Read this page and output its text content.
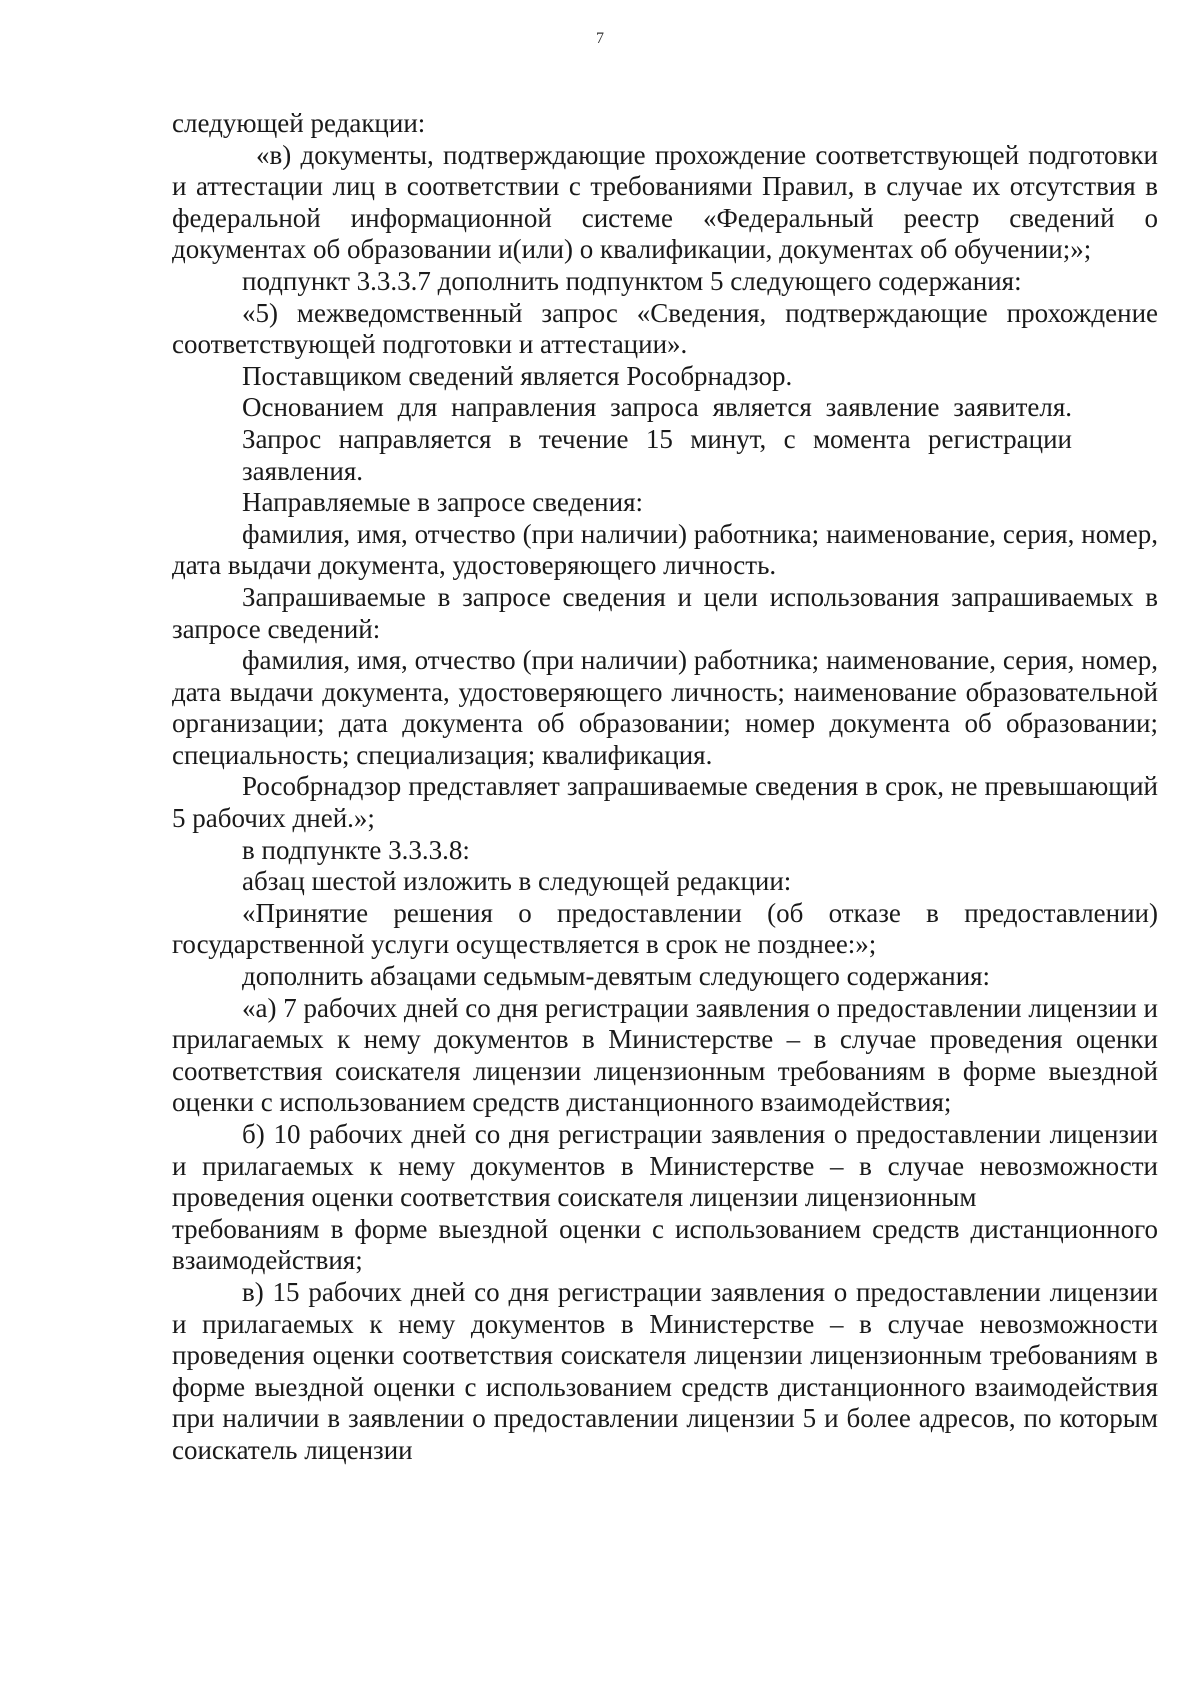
7

следующей редакции:

«в) документы, подтверждающие прохождение соответствующей подготовки и аттестации лиц в соответствии с требованиями Правил, в случае их отсутствия в федеральной информационной системе «Федеральный реестр сведений о документах об образовании и(или) о квалификации, документах об обучении;»;

подпункт 3.3.3.7 дополнить подпунктом 5 следующего содержания:

«5) межведомственный запрос «Сведения, подтверждающие прохождение соответствующей подготовки и аттестации».

Поставщиком сведений является Рособрнадзор.

Основанием для направления запроса является заявление заявителя. Запрос направляется в течение 15 минут, с момента регистрации заявления.

Направляемые в запросе сведения:

фамилия, имя, отчество (при наличии) работника; наименование, серия, номер, дата выдачи документа, удостоверяющего личность.

Запрашиваемые в запросе сведения и цели использования запрашиваемых в запросе сведений:

фамилия, имя, отчество (при наличии) работника; наименование, серия, номер, дата выдачи документа, удостоверяющего личность; наименование образовательной организации; дата документа об образовании; номер документа об образовании; специальность; специализация; квалификация.

Рособрнадзор представляет запрашиваемые сведения в срок, не превышающий 5 рабочих дней.»;

в подпункте 3.3.3.8:

абзац шестой изложить в следующей редакции:

«Принятие решения о предоставлении (об отказе в предоставлении) государственной услуги осуществляется в срок не позднее:»;

дополнить абзацами седьмым-девятым следующего содержания:

«а) 7 рабочих дней со дня регистрации заявления о предоставлении лицензии и прилагаемых к нему документов в Министерстве – в случае проведения оценки соответствия соискателя лицензии лицензионным требованиям в форме выездной оценки с использованием средств дистанционного взаимодействия;

б) 10 рабочих дней со дня регистрации заявления о предоставлении лицензии и прилагаемых к нему документов в Министерстве – в случае невозможности проведения оценки соответствия соискателя лицензии лицензионным

требованиям в форме выездной оценки с использованием средств дистанционного взаимодействия;

в) 15 рабочих дней со дня регистрации заявления о предоставлении лицензии и прилагаемых к нему документов в Министерстве – в случае невозможности проведения оценки соответствия соискателя лицензии лицензионным требованиям в форме выездной оценки с использованием средств дистанционного взаимодействия при наличии в заявлении о предоставлении лицензии 5 и более адресов, по которым соискатель лицензии
